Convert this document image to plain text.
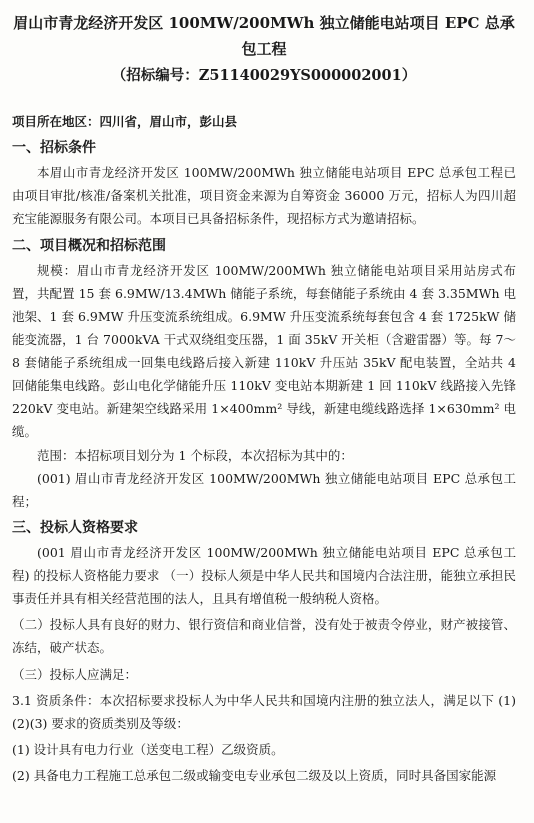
眉山市青龙经济开发区 100MW/200MWh 独立储能电站项目 EPC 总承包工程
（招标编号：Z51140029YS000002001）

项目所在地区：四川省，眉山市，彭山县

一、招标条件

本眉山市青龙经济开发区 100MW/200MWh 独立储能电站项目 EPC 总承包工程已由项目审批/核准/备案机关批准，项目资金来源为自筹资金 36000 万元，招标人为四川超充宝能源服务有限公司。本项目已具备招标条件，现招标方式为邀请招标。

二、项目概况和招标范围

规模：眉山市青龙经济开发区 100MW/200MWh 独立储能电站项目采用站房式布置，共配置 15 套 6.9MW/13.4MWh 储能子系统，每套储能子系统由 4 套 3.35MWh 电池架、1 套 6.9MW 升压变流系统组成。6.9MW 升压变流系统每套包含 4 套 1725kW 储能变流器，1 台 7000kVA 干式双绕组变压器，1 面 35kV 开关柜（含避雷器）等。每 7～8 套储能子系统组成一回集电线路后接入新建 110kV 升压站 35kV 配电装置，全站共 4 回储能集电线路。彭山电化学储能升压 110kV 变电站本期新建 1 回 110kV 线路接入先锋 220kV 变电站。新建架空线路采用 1×400mm² 导线，新建电缆线路选择 1×630mm² 电缆。

范围：本招标项目划分为 1 个标段，本次招标为其中的：

(001) 眉山市青龙经济开发区 100MW/200MWh 独立储能电站项目 EPC 总承包工程；

三、投标人资格要求

(001 眉山市青龙经济开发区 100MW/200MWh 独立储能电站项目 EPC 总承包工程) 的投标人资格能力要求 （一）投标人须是中华人民共和国境内合法注册，能独立承担民事责任并具有相关经营范围的法人，且具有增值税一般纳税人资格。

（二）投标人具有良好的财力、银行资信和商业信誉，没有处于被责令停业，财产被接管、冻结，破产状态。

（三）投标人应满足：

3.1 资质条件：本次招标要求投标人为中华人民共和国境内注册的独立法人，满足以下 (1)(2)(3) 要求的资质类别及等级：

(1) 设计具有电力行业（送变电工程）乙级资质。

(2) 具备电力工程施工总承包二级或输变电专业承包二级及以上资质，同时具备国家能源
